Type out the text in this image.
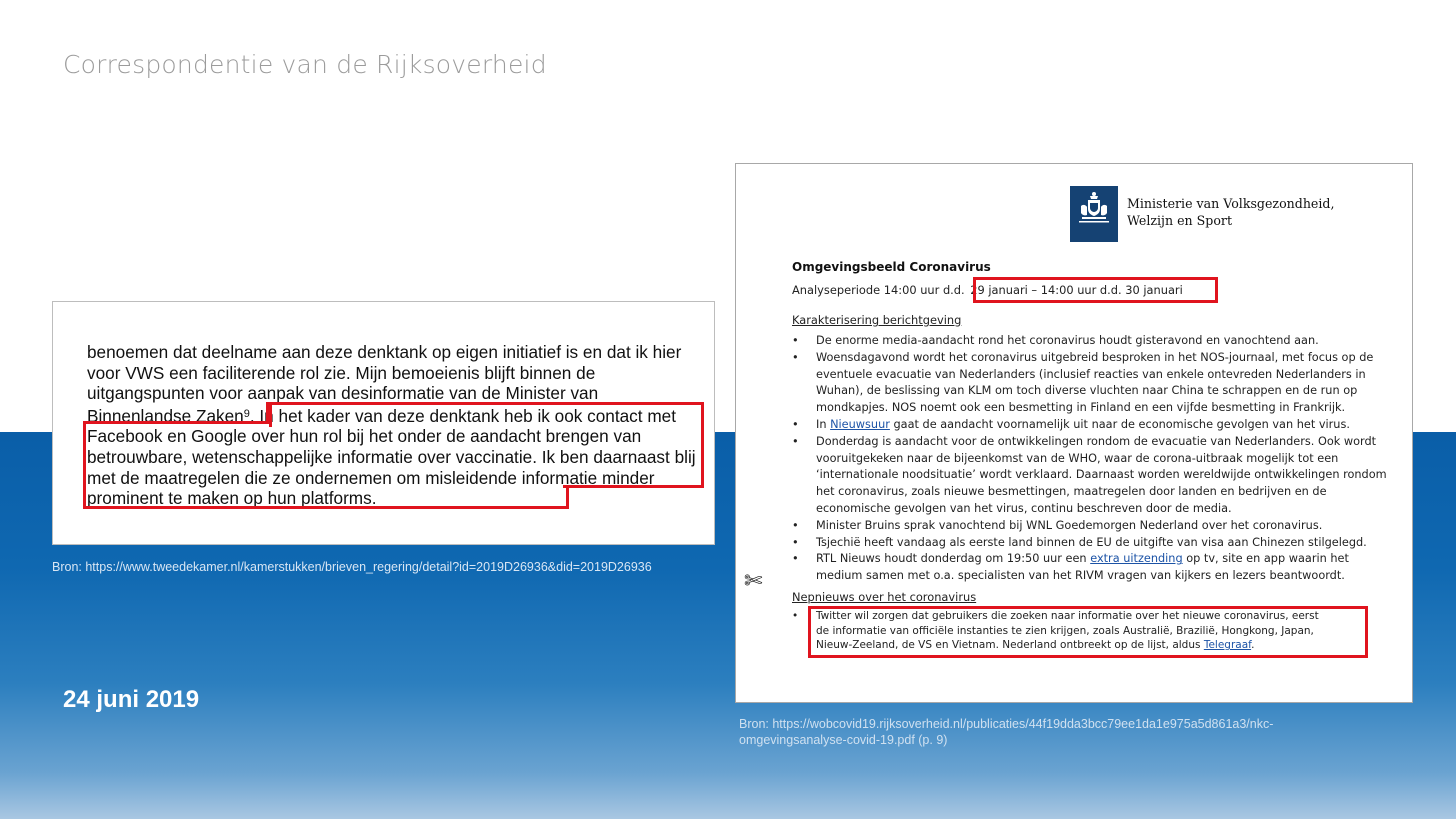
Correspondentie van de Rijksoverheid
benoemen dat deelname aan deze denktank op eigen initiatief is en dat ik hier voor VWS een faciliterende rol zie. Mijn bemoeienis blijft binnen de uitgangspunten voor aanpak van desinformatie van de Minister van Binnenlandse Zaken$^9$. In het kader van deze denktank heb ik ook contact met Facebook en Google over hun rol bij het onder de aandacht brengen van betrouwbare, wetenschappelijke informatie over vaccinatie. Ik ben daarnaast blij met de maatregelen die ze ondernemen om misleidende informatie minder prominent te maken op hun platforms.
Bron: https://www.tweedekamer.nl/kamerstukken/brieven_regering/detail?id=2019D26936&did=2019D26936
24 juni 2019
Ministerie van Volksgezondheid,
Welzijn en Sport
Omgevingsbeeld Coronavirus
Analyseperiode 14:00 uur d.d. 29 januari – 14:00 uur d.d. 30 januari
Karakterisering berichtgeving
• De enorme media-aandacht rond het coronavirus houdt gisteravond en vanochtend aan.
• Woensdagavond wordt het coronavirus uitgebreid besproken in het NOS-journaal, met focus op de eventuele evacuatie van Nederlanders (inclusief reacties van enkele ontevreden Nederlanders in Wuhan), de beslissing van KLM om toch diverse vluchten naar China te schrappen en de run op mondkapjes. NOS noemt ook een besmetting in Finland en een vijfde besmetting in Frankrijk.
• In Nieuwsuur gaat de aandacht voornamelijk uit naar de economische gevolgen van het virus.
• Donderdag is aandacht voor de ontwikkelingen rondom de evacuatie van Nederlanders. Ook wordt vooruitgekeken naar de bijeenkomst van de WHO, waar de corona-uitbraak mogelijk tot een ‘internationale noodsituatie’ wordt verklaard. Daarnaast worden wereldwijde ontwikkelingen rondom het coronavirus, zoals nieuwe besmettingen, maatregelen door landen en bedrijven en de economische gevolgen van het virus, continu beschreven door de media.
• Minister Bruins sprak vanochtend bij WNL Goedemorgen Nederland over het coronavirus.
• Tsjechië heeft vandaag als eerste land binnen de EU de uitgifte van visa aan Chinezen stilgelegd.
• RTL Nieuws houdt donderdag om 19:50 uur een extra uitzending op tv, site en app waarin het medium samen met o.a. specialisten van het RIVM vragen van kijkers en lezers beantwoordt.
✄
Nepnieuws over het coronavirus
• Twitter wil zorgen dat gebruikers die zoeken naar informatie over het nieuwe coronavirus, eerst de informatie van officiële instanties te zien krijgen, zoals Australië, Brazilië, Hongkong, Japan, Nieuw-Zeeland, de VS en Vietnam. Nederland ontbreekt op de lijst, aldus Telegraaf.
Bron: https://wobcovid19.rijksoverheid.nl/publicaties/44f19dda3bcc79ee1da1e975a5d861a3/nkc-omgevingsanalyse-covid-19.pdf (p. 9)
